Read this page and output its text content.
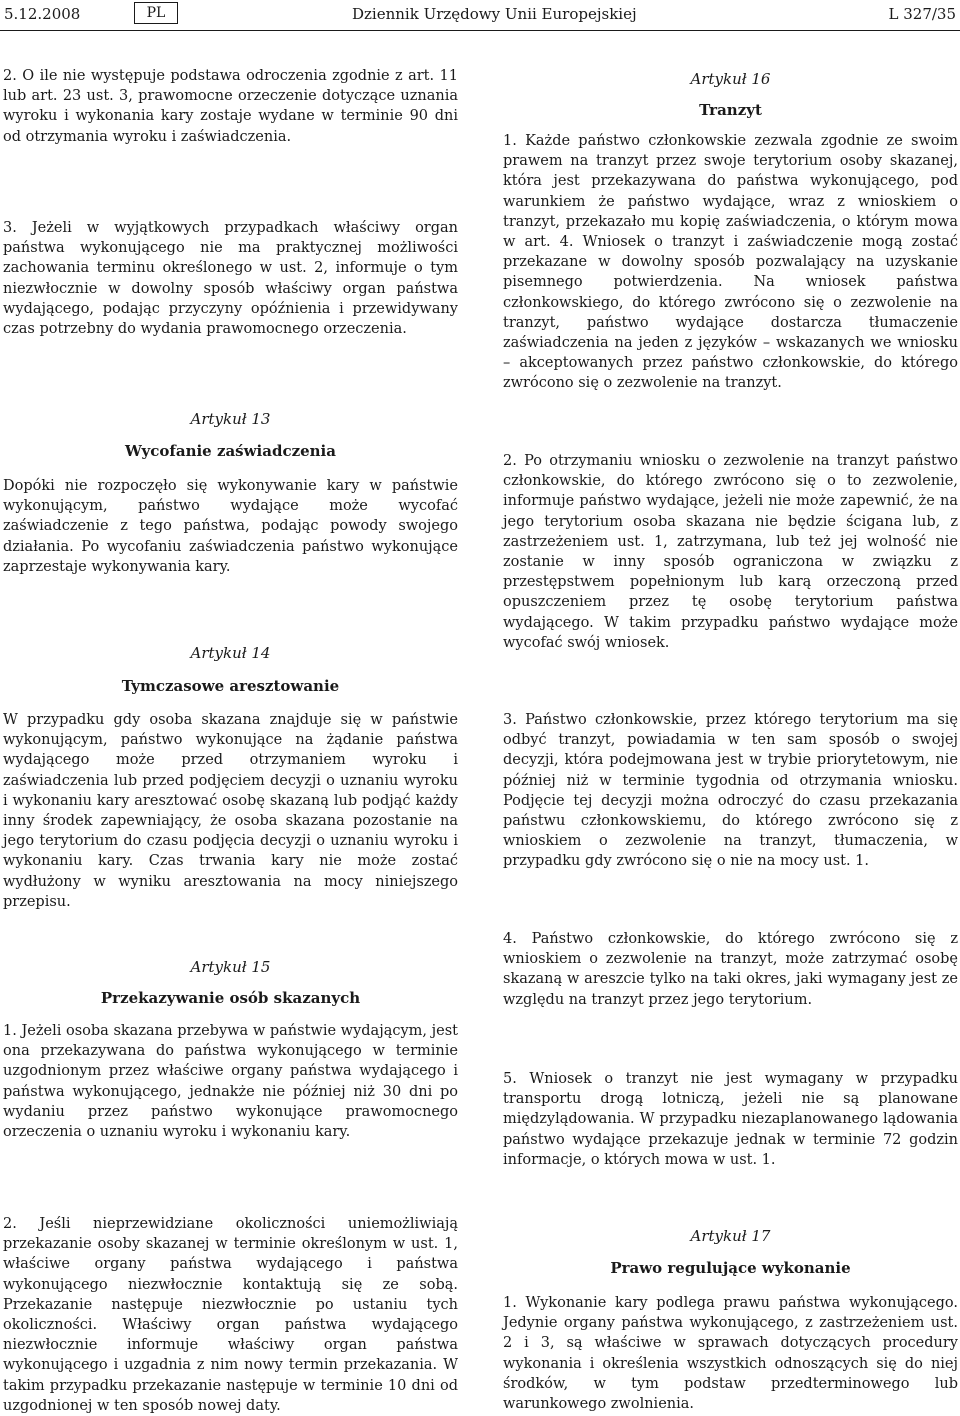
5.12.2008	PL	Dziennik Urzędowy Unii Europejskiej	L 327/35

2. O ile nie występuje podstawa odroczenia zgodnie z art. 11 lub art. 23 ust. 3, prawomocne orzeczenie dotyczące uznania wyroku i wykonania kary zostaje wydane w terminie 90 dni od otrzymania wyroku i zaświadczenia.

3. Jeżeli w wyjątkowych przypadkach właściwy organ państwa wykonującego nie ma praktycznej możliwości zachowania terminu określonego w ust. 2, informuje o tym niezwłocznie w dowolny sposób właściwy organ państwa wydającego, podając przyczyny opóźnienia i przewidywany czas potrzebny do wydania prawomocnego orzeczenia.

Artykuł 13

Wycofanie zaświadczenia

Dopóki nie rozpoczęło się wykonywanie kary w państwie wykonującym, państwo wydające może wycofać zaświadczenie z tego państwa, podając powody swojego działania. Po wycofaniu zaświadczenia państwo wykonujące zaprzestaje wykonywania kary.

Artykuł 14

Tymczasowe aresztowanie

W przypadku gdy osoba skazana znajduje się w państwie wykonującym, państwo wykonujące na żądanie państwa wydającego może przed otrzymaniem wyroku i zaświadczenia lub przed podjęciem decyzji o uznaniu wyroku i wykonaniu kary aresztować osobę skazaną lub podjąć każdy inny środek zapewniający, że osoba skazana pozostanie na jego terytorium do czasu podjęcia decyzji o uznaniu wyroku i wykonaniu kary. Czas trwania kary nie może zostać wydłużony w wyniku aresztowania na mocy niniejszego przepisu.

Artykuł 15

Przekazywanie osób skazanych

1. Jeżeli osoba skazana przebywa w państwie wydającym, jest ona przekazywana do państwa wykonującego w terminie uzgodnionym przez właściwe organy państwa wydającego i państwa wykonującego, jednakże nie później niż 30 dni po wydaniu przez państwo wykonujące prawomocnego orzeczenia o uznaniu wyroku i wykonaniu kary.

2. Jeśli nieprzewidziane okoliczności uniemożliwiają przekazanie osoby skazanej w terminie określonym w ust. 1, właściwe organy państwa wydającego i państwa wykonującego niezwłocznie kontaktują się ze sobą. Przekazanie następuje niezwłocznie po ustaniu tych okoliczności. Właściwy organ państwa wydającego niezwłocznie informuje właściwy organ państwa wykonującego i uzgadnia z nim nowy termin przekazania. W takim przypadku przekazanie następuje w terminie 10 dni od uzgodnionej w ten sposób nowej daty.

Artykuł 16

Tranzyt

1. Każde państwo członkowskie zezwala zgodnie ze swoim prawem na tranzyt przez swoje terytorium osoby skazanej, która jest przekazywana do państwa wykonującego, pod warunkiem że państwo wydające, wraz z wnioskiem o tranzyt, przekazało mu kopię zaświadczenia, o którym mowa w art. 4. Wniosek o tranzyt i zaświadczenie mogą zostać przekazane w dowolny sposób pozwalający na uzyskanie pisemnego potwierdzenia. Na wniosek państwa członkowskiego, do którego zwrócono się o zezwolenie na tranzyt, państwo wydające dostarcza tłumaczenie zaświadczenia na jeden z języków – wskazanych we wniosku – akceptowanych przez państwo członkowskie, do którego zwrócono się o zezwolenie na tranzyt.

2. Po otrzymaniu wniosku o zezwolenie na tranzyt państwo członkowskie, do którego zwrócono się o to zezwolenie, informuje państwo wydające, jeżeli nie może zapewnić, że na jego terytorium osoba skazana nie będzie ścigana lub, z zastrzeżeniem ust. 1, zatrzymana, lub też jej wolność nie zostanie w inny sposób ograniczona w związku z przestępstwem popełnionym lub karą orzeczoną przed opuszczeniem przez tę osobę terytorium państwa wydającego. W takim przypadku państwo wydające może wycofać swój wniosek.

3. Państwo członkowskie, przez którego terytorium ma się odbyć tranzyt, powiadamia w ten sam sposób o swojej decyzji, która podejmowana jest w trybie priorytetowym, nie później niż w terminie tygodnia od otrzymania wniosku. Podjęcie tej decyzji można odroczyć do czasu przekazania państwu członkowskiemu, do którego zwrócono się z wnioskiem o zezwolenie na tranzyt, tłumaczenia, w przypadku gdy zwrócono się o nie na mocy ust. 1.

4. Państwo członkowskie, do którego zwrócono się z wnioskiem o zezwolenie na tranzyt, może zatrzymać osobę skazaną w areszcie tylko na taki okres, jaki wymagany jest ze względu na tranzyt przez jego terytorium.

5. Wniosek o tranzyt nie jest wymagany w przypadku transportu drogą lotniczą, jeżeli nie są planowane międzylądowania. W przypadku niezaplanowanego lądowania państwo wydające przekazuje jednak w terminie 72 godzin informacje, o których mowa w ust. 1.

Artykuł 17

Prawo regulujące wykonanie

1. Wykonanie kary podlega prawu państwa wykonującego. Jedynie organy państwa wykonującego, z zastrzeżeniem ust. 2 i 3, są właściwe w sprawach dotyczących procedury wykonania i określenia wszystkich odnoszących się do niej środków, w tym podstaw przedterminowego lub warunkowego zwolnienia.
